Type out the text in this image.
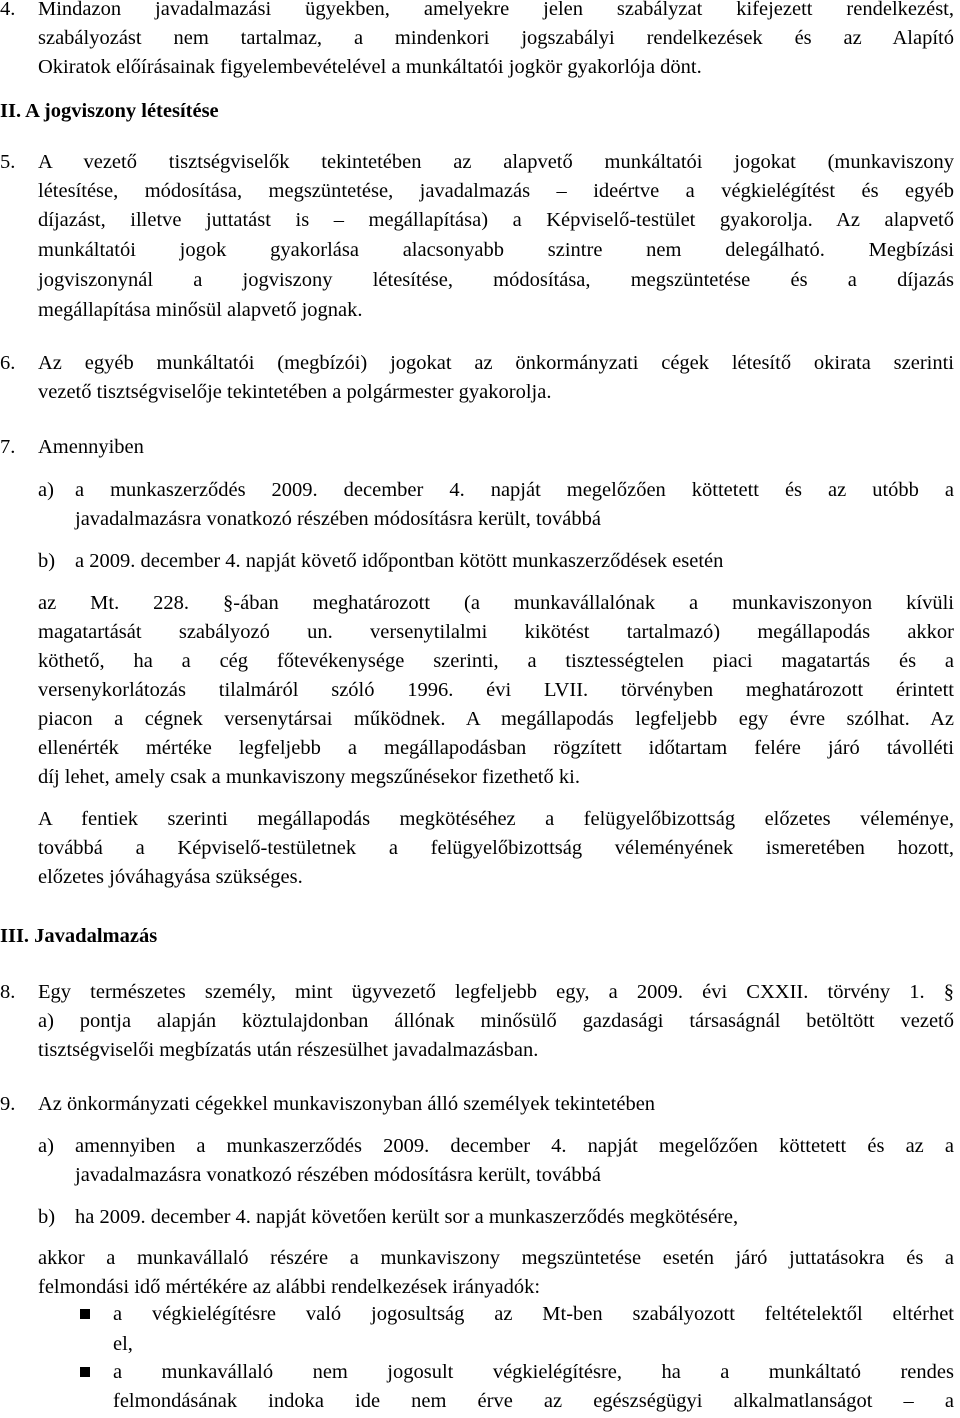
4. Mindazon javadalmazási ügyekben, amelyekre jelen szabályzat kifejezett rendelkezést,
szabályozást nem tartalmaz, a mindenkori jogszabályi rendelkezések és az Alapító
Okiratok előírásainak figyelembevételével a munkáltatói jogkör gyakorlója dönt.
II. A jogviszony létesítése
5. A vezető tisztségviselők tekintetében az alapvető munkáltatói jogokat (munkaviszony
létesítése, módosítása, megszüntetése, javadalmazás – ideértve a végkielégítést és egyéb
díjazást, illetve juttatást is – megállapítása) a Képviselő-testület gyakorolja. Az alapvető
munkáltatói jogok gyakorlása alacsonyabb szintre nem delegálható. Megbízási
jogviszonynál a jogviszony létesítése, módosítása, megszüntetése és a díjazás
megállapítása minősül alapvető jognak.
6. Az egyéb munkáltatói (megbízói) jogokat az önkormányzati cégek létesítő okirata szerinti
vezető tisztségviselője tekintetében a polgármester gyakorolja.
7. Amennyiben
a) a munkaszerződés 2009. december 4. napját megelőzően köttetett és az utóbb a
javadalmazásra vonatkozó részében módosításra került, továbbá
b) a 2009. december 4. napját követő időpontban kötött munkaszerződések esetén
az Mt. 228. §-ában meghatározott (a munkavállalónak a munkaviszonyon kívüli
magatartását szabályozó un. versenytilalmi kikötést tartalmazó) megállapodás akkor
köthető, ha a cég főtevékenysége szerinti, a tisztességtelen piaci magatartás és a
versenykorlátozás tilalmáról szóló 1996. évi LVII. törvényben meghatározott érintett
piacon a cégnek versenytársai működnek. A megállapodás legfeljebb egy évre szólhat. Az
ellenérték mértéke legfeljebb a megállapodásban rögzített időtartam felére járó távolléti
díj lehet, amely csak a munkaviszony megszűnésekor fizethető ki.
A fentiek szerinti megállapodás megkötéséhez a felügyelőbizottság előzetes véleménye,
továbbá a Képviselő-testületnek a felügyelőbizottság véleményének ismeretében hozott,
előzetes jóváhagyása szükséges.
III. Javadalmazás
8. Egy természetes személy, mint ügyvezető legfeljebb egy, a 2009. évi CXXII. törvény 1. §
a) pontja alapján köztulajdonban állónak minősülő gazdasági társaságnál betöltött vezető
tisztségviselői megbízatás után részesülhet javadalmazásban.
9. Az önkormányzati cégekkel munkaviszonyban álló személyek tekintetében
a) amennyiben a munkaszerződés 2009. december 4. napját megelőzően köttetett és az a
javadalmazásra vonatkozó részében módosításra került, továbbá
b) ha 2009. december 4. napját követően került sor a munkaszerződés megkötésére,
akkor a munkavállaló részére a munkaviszony megszüntetése esetén járó juttatásokra és a
felmondási idő mértékére az alábbi rendelkezések irányadók:
a végkielégítésre való jogosultság az Mt-ben szabályozott feltételektől eltérhet
el,
a munkavállaló nem jogosult végkielégítésre, ha a munkáltató rendes
felmondásának indoka ide nem érve az egészségügyi alkalmatlanságot – a
